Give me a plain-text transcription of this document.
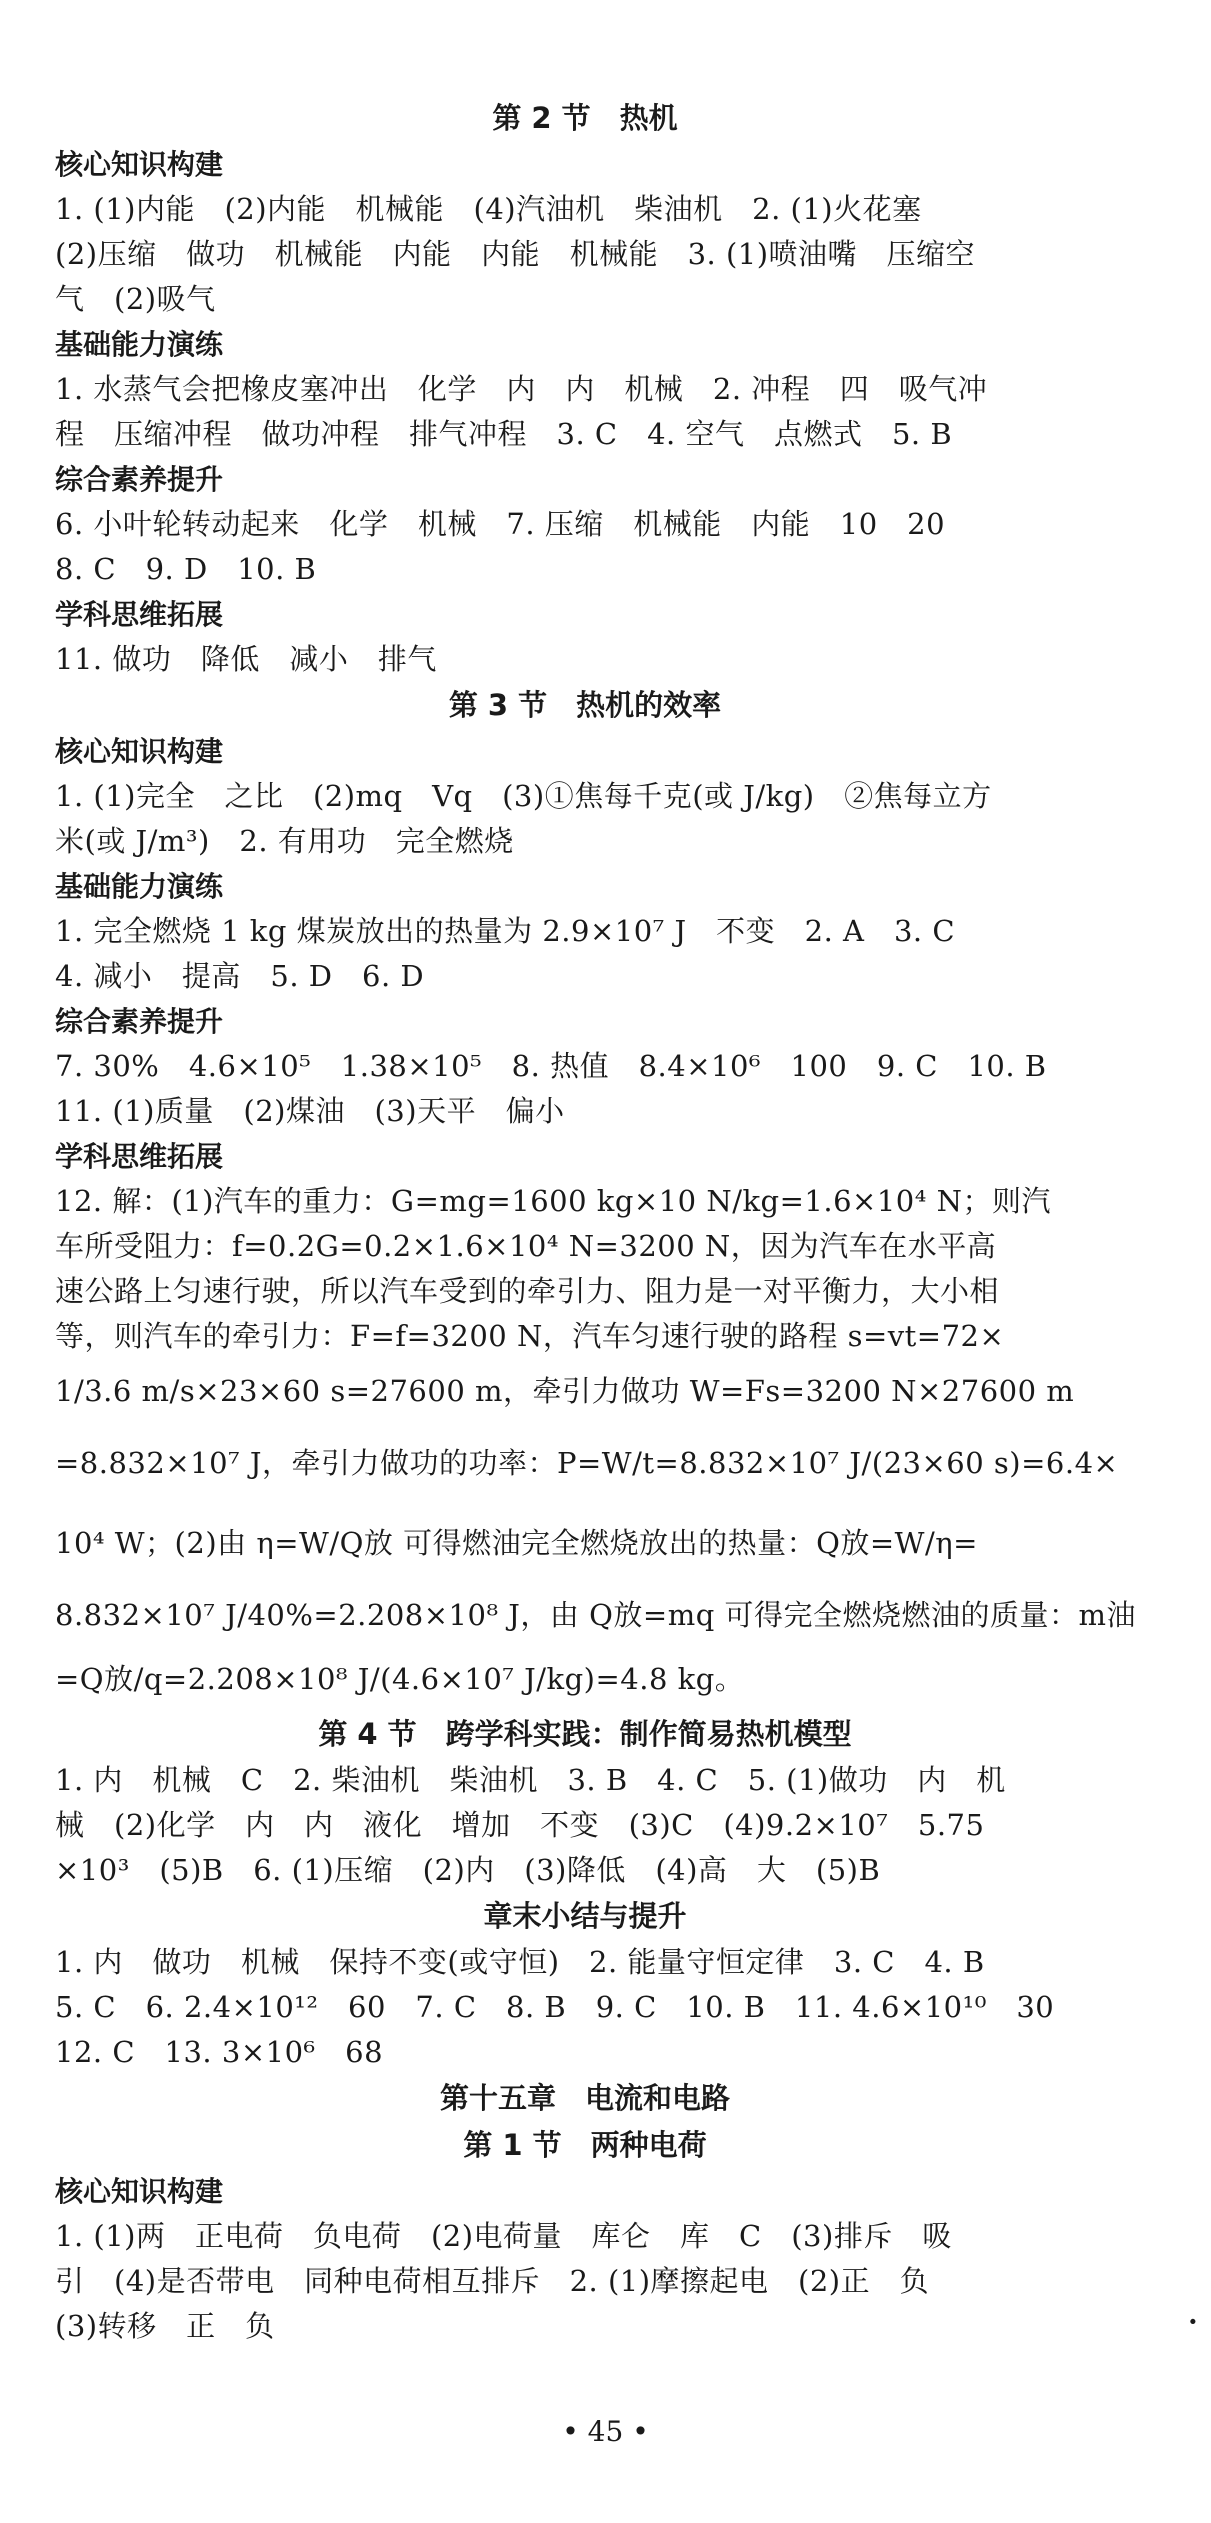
第 2 节　热机
核心知识构建
1. (1)内能　(2)内能　机械能　(4)汽油机　柴油机　2. (1)火花塞
(2)压缩　做功　机械能　内能　内能　机械能　3. (1)喷油嘴　压缩空
气　(2)吸气
基础能力演练
1. 水蒸气会把橡皮塞冲出　化学　内　内　机械　2. 冲程　四　吸气冲
程　压缩冲程　做功冲程　排气冲程　3. C　4. 空气　点燃式　5. B
综合素养提升
6. 小叶轮转动起来　化学　机械　7. 压缩　机械能　内能　10　20
8. C　9. D　10. B
学科思维拓展
11. 做功　降低　减小　排气
第 3 节　热机的效率
核心知识构建
1. (1)完全　之比　(2)mq　Vq　(3)①焦每千克(或 J/kg)　②焦每立方
米(或 J/m³)　2. 有用功　完全燃烧
基础能力演练
1. 完全燃烧 1 kg 煤炭放出的热量为 2.9×10⁷ J　不变　2. A　3. C
4. 减小　提高　5. D　6. D
综合素养提升
7. 30%　4.6×10⁵　1.38×10⁵　8. 热值　8.4×10⁶　100　9. C　10. B
11. (1)质量　(2)煤油　(3)天平　偏小
学科思维拓展
12. 解：(1)汽车的重力：G=mg=1600 kg×10 N/kg=1.6×10⁴ N；则汽
车所受阻力：f=0.2G=0.2×1.6×10⁴ N=3200 N，因为汽车在水平高
速公路上匀速行驶，所以汽车受到的牵引力、阻力是一对平衡力，大小相
等，则汽车的牵引力：F=f=3200 N，汽车匀速行驶的路程 s=vt=72×
1/3.6 m/s×23×60 s=27600 m，牵引力做功 W=Fs=3200 N×27600 m
=8.832×10⁷ J，牵引力做功的功率：P=W/t=8.832×10⁷ J/(23×60 s)=6.4×
10⁴ W；(2)由 η=W/Q放 可得燃油完全燃烧放出的热量：Q放=W/η=
8.832×10⁷ J/40%=2.208×10⁸ J，由 Q放=mq 可得完全燃烧燃油的质量：m油
=Q放/q=2.208×10⁸ J/(4.6×10⁷ J/kg)=4.8 kg。
第 4 节　跨学科实践：制作简易热机模型
1. 内　机械　C　2. 柴油机　柴油机　3. B　4. C　5. (1)做功　内　机
械　(2)化学　内　内　液化　增加　不变　(3)C　(4)9.2×10⁷　5.75
×10³　(5)B　6. (1)压缩　(2)内　(3)降低　(4)高　大　(5)B
章末小结与提升
1. 内　做功　机械　保持不变(或守恒)　2. 能量守恒定律　3. C　4. B
5. C　6. 2.4×10¹²　60　7. C　8. B　9. C　10. B　11. 4.6×10¹⁰　30
12. C　13. 3×10⁶　68
第十五章　电流和电路
第 1 节　两种电荷
核心知识构建
1. (1)两　正电荷　负电荷　(2)电荷量　库仑　库　C　(3)排斥　吸
引　(4)是否带电　同种电荷相互排斥　2. (1)摩擦起电　(2)正　负
(3)转移　正　负	·
• 45 •
